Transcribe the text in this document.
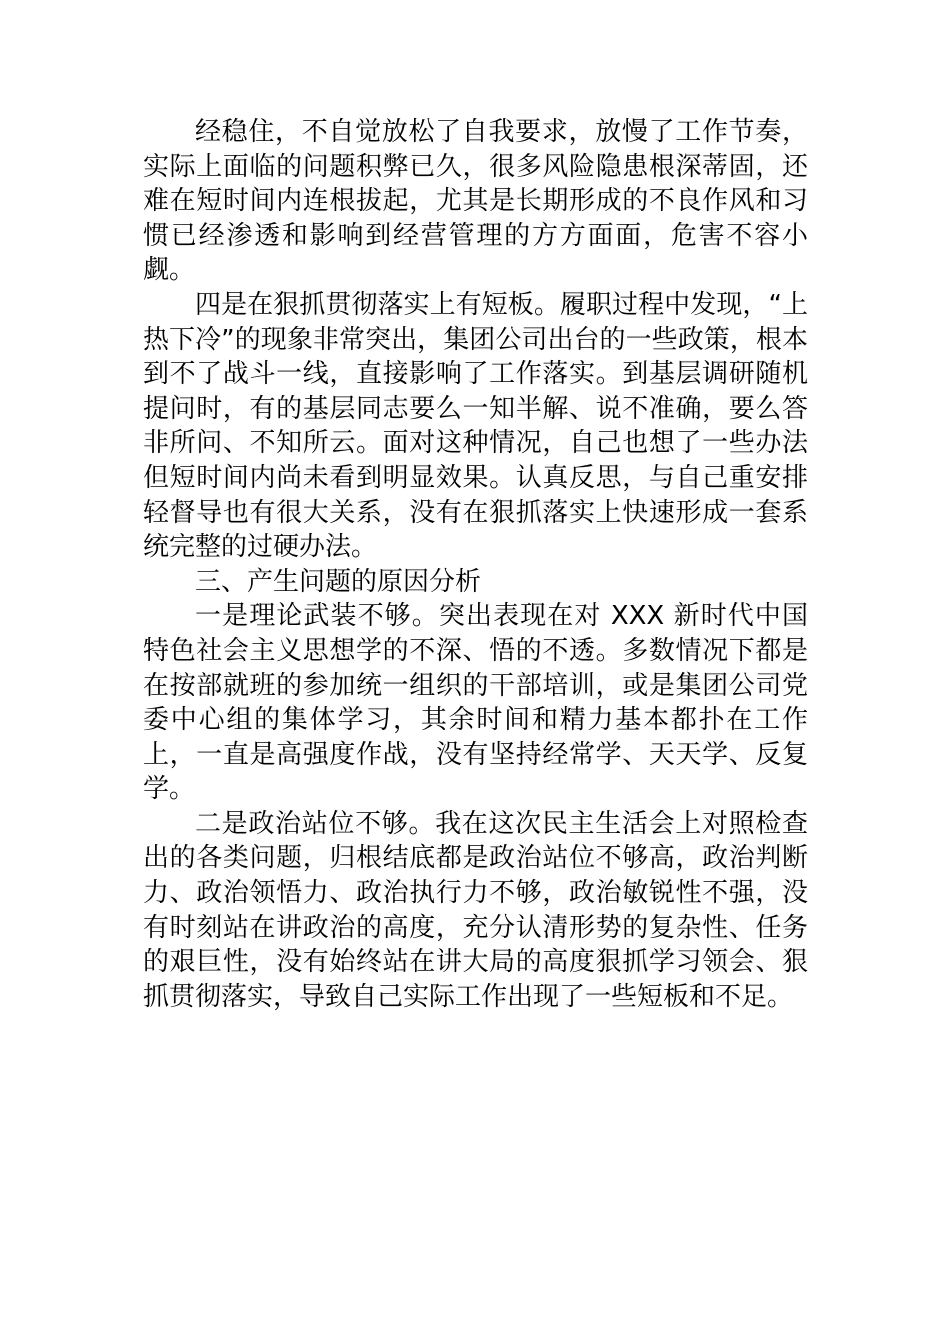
经稳住，不自觉放松了自我要求，放慢了工作节奏，实际上面临的问题积弊已久，很多风险隐患根深蒂固，还难在短时间内连根拔起，尤其是长期形成的不良作风和习惯已经渗透和影响到经营管理的方方面面，危害不容小觑。

四是在狠抓贯彻落实上有短板。履职过程中发现，“上热下冷”的现象非常突出，集团公司出台的一些政策，根本到不了战斗一线，直接影响了工作落实。到基层调研随机提问时，有的基层同志要么一知半解、说不准确，要么答非所问、不知所云。面对这种情况，自己也想了一些办法但短时间内尚未看到明显效果。认真反思，与自己重安排轻督导也有很大关系，没有在狠抓落实上快速形成一套系统完整的过硬办法。

三、产生问题的原因分析

一是理论武装不够。突出表现在对 XXX 新时代中国特色社会主义思想学的不深、悟的不透。多数情况下都是在按部就班的参加统一组织的干部培训，或是集团公司党委中心组的集体学习，其余时间和精力基本都扑在工作上，一直是高强度作战，没有坚持经常学、天天学、反复学。

二是政治站位不够。我在这次民主生活会上对照检查出的各类问题，归根结底都是政治站位不够高，政治判断力、政治领悟力、政治执行力不够，政治敏锐性不强，没有时刻站在讲政治的高度，充分认清形势的复杂性、任务的艰巨性，没有始终站在讲大局的高度狠抓学习领会、狠抓贯彻落实，导致自己实际工作出现了一些短板和不足。
